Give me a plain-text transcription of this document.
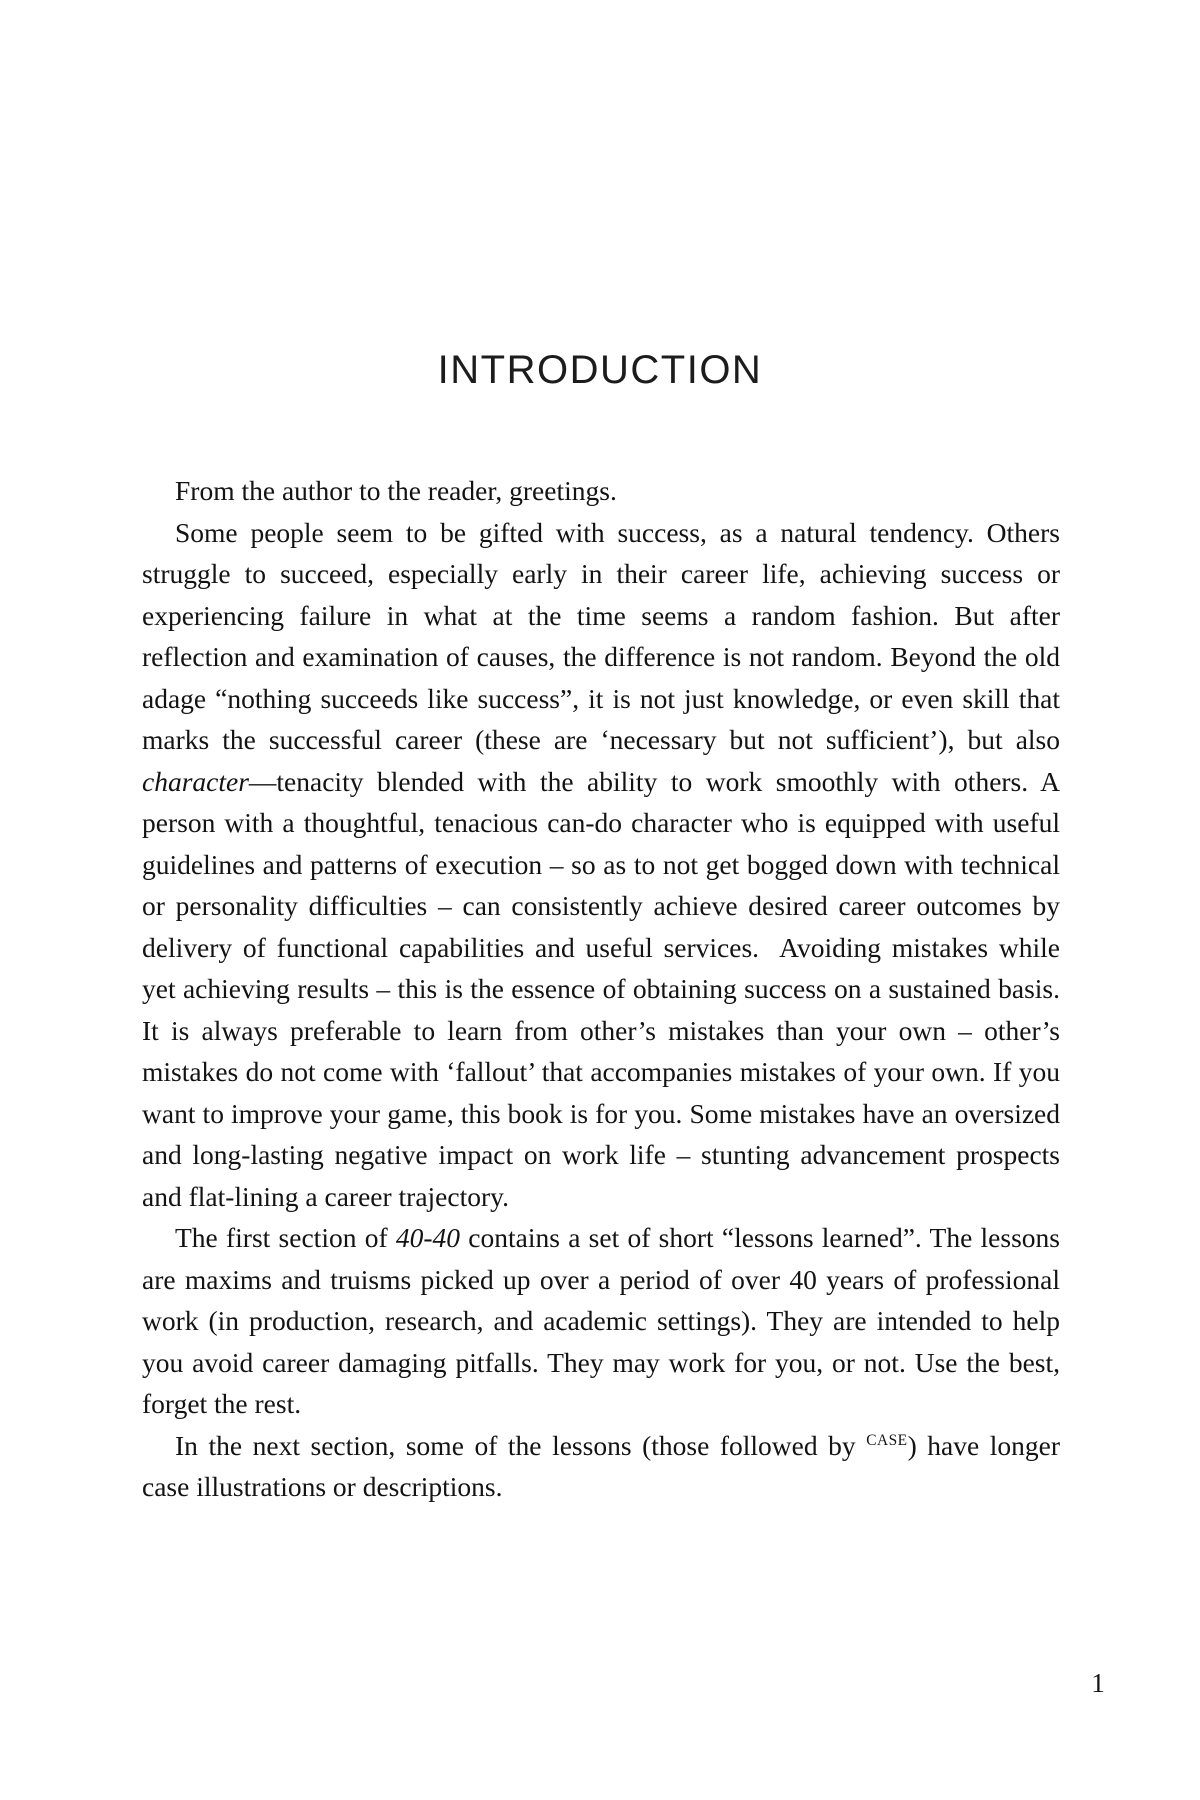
INTRODUCTION

From the author to the reader, greetings.

Some people seem to be gifted with success, as a natural tendency. Others struggle to succeed, especially early in their career life, achieving success or experiencing failure in what at the time seems a random fashion. But after reflection and examination of causes, the difference is not random. Beyond the old adage “nothing succeeds like success”, it is not just knowledge, or even skill that marks the successful career (these are ‘necessary but not sufficient’), but also character—tenacity blended with the ability to work smoothly with others. A person with a thoughtful, tenacious can-do character who is equipped with useful guidelines and patterns of execution – so as to not get bogged down with technical or personality difficulties – can consistently achieve desired career outcomes by delivery of functional capabilities and useful services.  Avoiding mistakes while yet achieving results – this is the essence of obtaining success on a sustained basis. It is always preferable to learn from other’s mistakes than your own – other’s mistakes do not come with ‘fallout’ that accompanies mistakes of your own. If you want to improve your game, this book is for you. Some mistakes have an oversized and long-lasting negative impact on work life – stunting advancement prospects and flat-lining a career trajectory.

The first section of 40-40 contains a set of short “lessons learned”. The lessons are maxims and truisms picked up over a period of over 40 years of professional work (in production, research, and academic settings). They are intended to help you avoid career damaging pitfalls. They may work for you, or not. Use the best, forget the rest.

In the next section, some of the lessons (those followed by $^{CASE}$) have longer case illustrations or descriptions.

1
